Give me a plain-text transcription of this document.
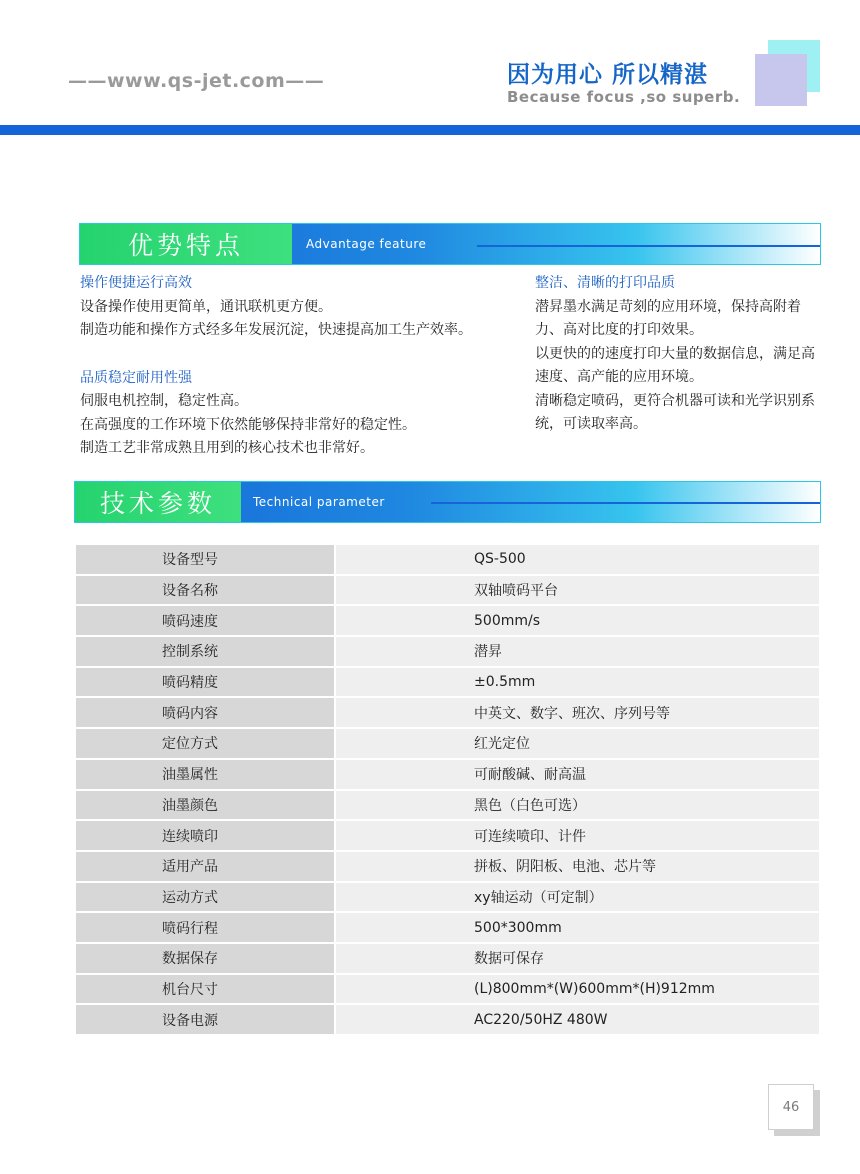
——www.qs-jet.com——	因为用心 所以精湛
Because focus ,so superb.
优势特点	Advantage feature
操作便捷运行高效
设备操作使用更简单，通讯联机更方便。
制造功能和操作方式经多年发展沉淀，快速提高加工生产效率。
品质稳定耐用性强
伺服电机控制，稳定性高。
在高强度的工作环境下依然能够保持非常好的稳定性。
制造工艺非常成熟且用到的核心技术也非常好。
整洁、清晰的打印品质
潜昇墨水满足苛刻的应用环境，保持高附着
力、高对比度的打印效果。
以更快的的速度打印大量的数据信息，满足高
速度、高产能的应用环境。
清晰稳定喷码，更符合机器可读和光学识别系
统，可读取率高。
技术参数	Technical parameter
设备型号	QS-500
设备名称	双轴喷码平台
喷码速度	500mm/s
控制系统	潜昇
喷码精度	±0.5mm
喷码内容	中英文、数字、班次、序列号等
定位方式	红光定位
油墨属性	可耐酸碱、耐高温
油墨颜色	黑色（白色可选）
连续喷印	可连续喷印、计件
适用产品	拼板、阴阳板、电池、芯片等
运动方式	xy轴运动（可定制）
喷码行程	500*300mm
数据保存	数据可保存
机台尺寸	(L)800mm*(W)600mm*(H)912mm
设备电源	AC220/50HZ 480W
46
